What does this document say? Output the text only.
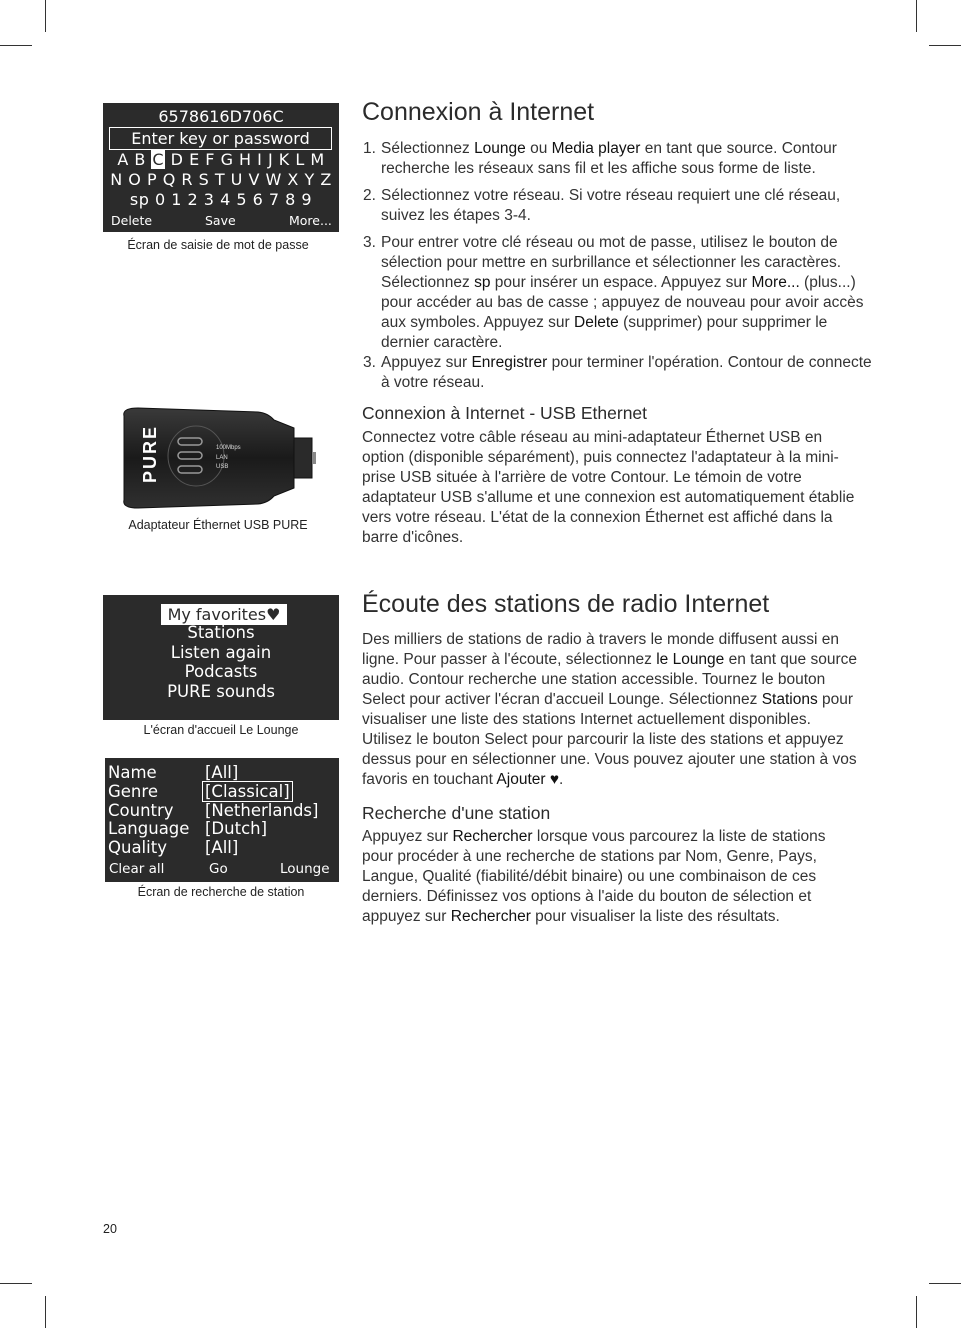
6578616D706C
Enter key or password
A B C D E F G H I J K L M
N O P Q R S T U V W X Y Z
sp 0 1 2 3 4 5 6 7 8 9
Delete	Save	More...
Écran de saisie de mot de passe
PURE	100Mbps
LAN
USB
Adaptateur Éthernet USB PURE
My favorites♥
Stations
Listen again
Podcasts
PURE sounds
L'écran d'accueil Le Lounge
Name	[All]
Genre	[Classical]
Country [Netherlands]
Language [Dutch]
Quality [All]
Clear all	Go	Lounge
Écran de recherche de station
Connexion à Internet
1. Sélectionnez Lounge ou Media player en tant que source. Contour recherche les réseaux sans fil et les affiche sous forme de liste.
2. Sélectionnez votre réseau. Si votre réseau requiert une clé réseau, suivez les étapes 3-4.
3. Pour entrer votre clé réseau ou mot de passe, utilisez le bouton de sélection pour mettre en surbrillance et sélectionner les caractères. Sélectionnez sp pour insérer un espace. Appuyez sur More... (plus...) pour accéder au bas de casse ; appuyez de nouveau pour avoir accès aux symboles. Appuyez sur Delete (supprimer) pour supprimer le dernier caractère.
3. Appuyez sur Enregistrer pour terminer l'opération. Contour de connecte à votre réseau.
Connexion à Internet - USB Ethernet

Connectez votre câble réseau au mini-adaptateur Éthernet USB en option (disponible séparément), puis connectez l'adaptateur à la mini-prise USB située à l'arrière de votre Contour. Le témoin de votre adaptateur USB s'allume et une connexion est automatiquement établie vers votre réseau. L'état de la connexion Éthernet est affiché dans la barre d'icônes.

Écoute des stations de radio Internet

Des milliers de stations de radio à travers le monde diffusent aussi en ligne. Pour passer à l'écoute, sélectionnez le Lounge en tant que source audio. Contour recherche une station accessible. Tournez le bouton Select pour activer l'écran d'accueil Lounge. Sélectionnez Stations pour visualiser une liste des stations Internet actuellement disponibles. Utilisez le bouton Select pour parcourir la liste des stations et appuyez dessus pour en sélectionner une. Vous pouvez ajouter une station à vos favoris en touchant Ajouter ♥.

Recherche d'une station

Appuyez sur Rechercher lorsque vous parcourez la liste de stations pour procéder à une recherche de stations par Nom, Genre, Pays, Langue, Qualité (fiabilité/débit binaire) ou une combinaison de ces derniers. Définissez vos options à l'aide du bouton de sélection et appuyez sur Rechercher pour visualiser la liste des résultats.

20
